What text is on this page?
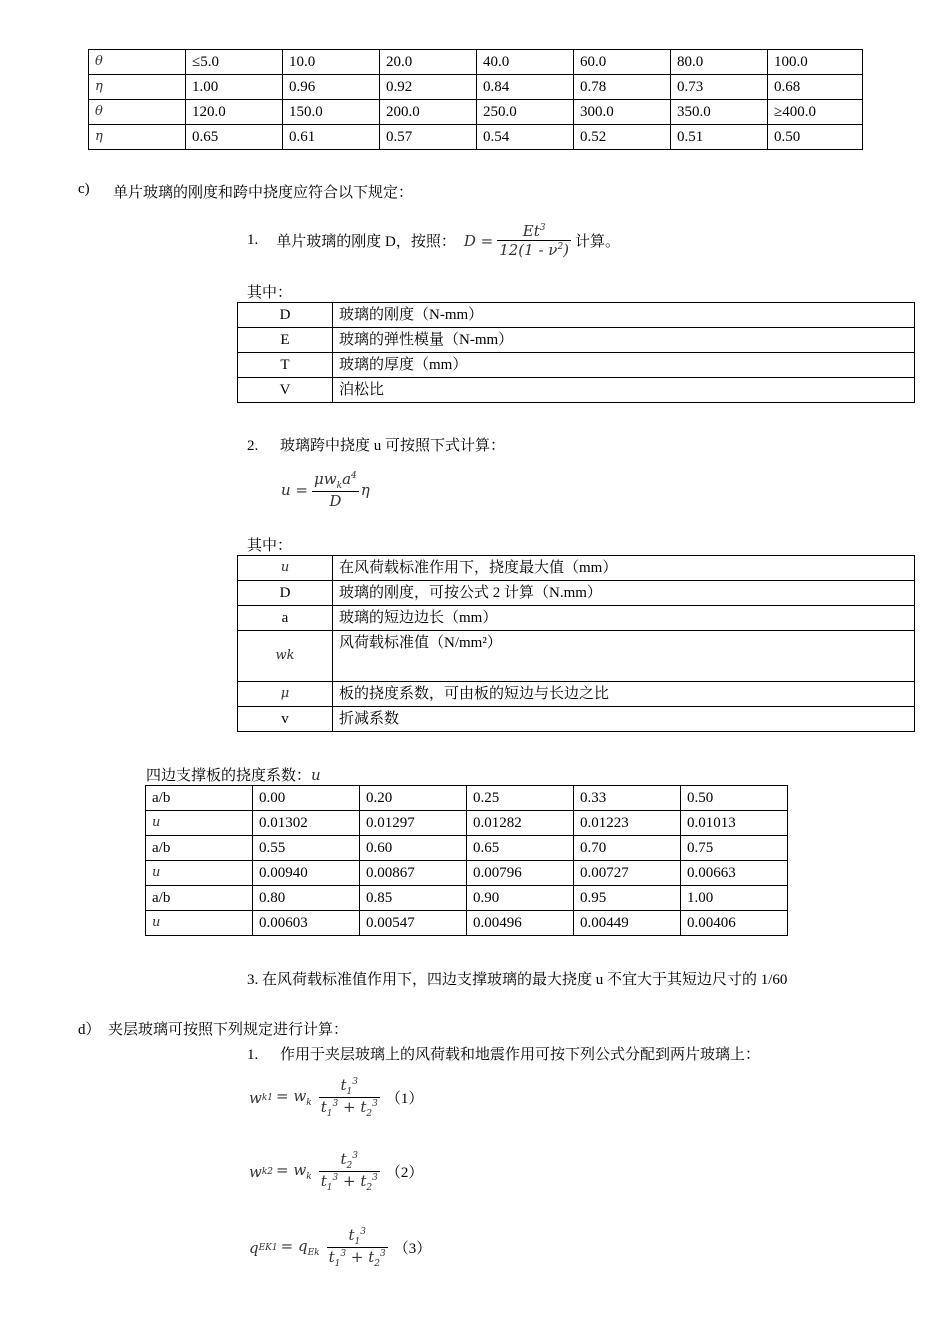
θ	≤5.0	10.0	20.0	40.0	60.0	80.0	100.0
η	1.00	0.96	0.92	0.84	0.78	0.73	0.68
θ	120.0	150.0	200.0	250.0	300.0	350.0	≥400.0
η	0.65	0.61	0.57	0.54	0.52	0.51	0.50
c) 单片玻璃的刚度和跨中挠度应符合以下规定：
1. 单片玻璃的刚度 D，按照： $D = \frac{Et^3}{12(1 - \nu^2)}$ 计算。
其中：
D	玻璃的刚度（N-mm）
E	玻璃的弹性模量（N-mm）
T	玻璃的厚度（mm）
V	泊松比
2. 玻璃跨中挠度 u 可按照下式计算：
$u = \frac{\mu w_ka^4}{D}$ η
其中：
u	在风荷载标准作用下，挠度最大值（mm）
D	玻璃的刚度，可按公式 2 计算（N.mm）
a	玻璃的短边边长（mm）
wk	风荷载标准值（N/mm²）
μ	板的挠度系数，可由板的短边与长边之比
v	折减系数
四边支撑板的挠度系数：u
a/b	0.00	0.20	0.25	0.33	0.50
u	0.01302	0.01297	0.01282	0.01223	0.01013
a/b	0.55	0.60	0.65	0.70	0.75
u	0.00940	0.00867	0.00796	0.00727	0.00663
a/b	0.80	0.85	0.90	0.95	1.00
u	0.00603	0.00547	0.00496	0.00449	0.00406
3. 在风荷载标准值作用下，四边支撑玻璃的最大挠度 u 不宜大于其短边尺寸的 1/60
d） 夹层玻璃可按照下列规定进行计算：
1. 作用于夹层玻璃上的风荷载和地震作用可按下列公式分配到两片玻璃上：
w $k1 = w_k \frac{t_1^3}{t_1^3 + t_2^3} (1)$
w $k2 = w_k \frac{t_2^3}{t_1^3 + t_2^3} (2)$
q $EK1 = q_{Ek} \frac{t_1^3}{t_1^3 + t_2^3} (3)$
